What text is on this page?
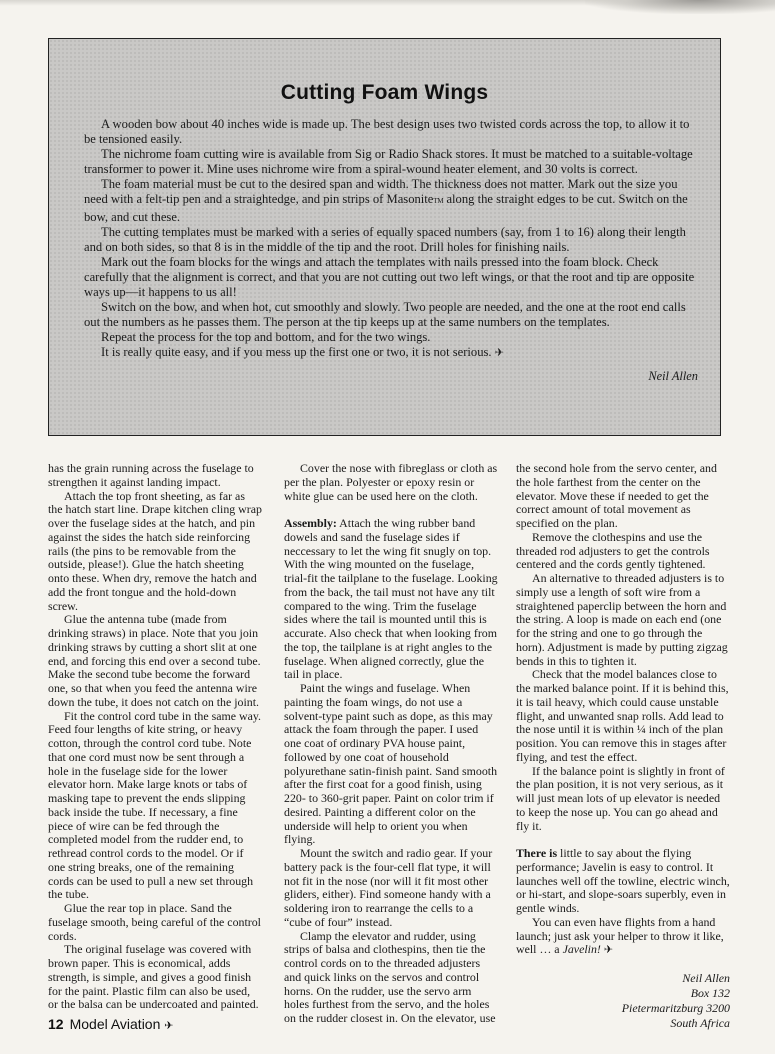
Cutting Foam Wings

A wooden bow about 40 inches wide is made up. The best design uses two twisted cords across the top, to allow it to be tensioned easily.

The nichrome foam cutting wire is available from Sig or Radio Shack stores. It must be matched to a suitable-voltage transformer to power it. Mine uses nichrome wire from a spiral-wound heater element, and 30 volts is correct.

The foam material must be cut to the desired span and width. The thickness does not matter. Mark out the size you need with a felt-tip pen and a straightedge, and pin strips of MasoniteTM along the straight edges to be cut. Switch on the bow, and cut these.

The cutting templates must be marked with a series of equally spaced numbers (say, from 1 to 16) along their length and on both sides, so that 8 is in the middle of the tip and the root. Drill holes for finishing nails.

Mark out the foam blocks for the wings and attach the templates with nails pressed into the foam block. Check carefully that the alignment is correct, and that you are not cutting out two left wings, or that the root and tip are opposite ways up—it happens to us all!

Switch on the bow, and when hot, cut smoothly and slowly. Two people are needed, and the one at the root end calls out the numbers as he passes them. The person at the tip keeps up at the same numbers on the templates.

Repeat the process for the top and bottom, and for the two wings.

It is really quite easy, and if you mess up the first one or two, it is not serious. ✈

Neil Allen

has the grain running across the fuselage to strengthen it against landing impact.

Attach the top front sheeting, as far as the hatch start line. Drape kitchen cling wrap over the fuselage sides at the hatch, and pin against the sides the hatch side reinforcing rails (the pins to be removable from the outside, please!). Glue the hatch sheeting onto these. When dry, remove the hatch and add the front tongue and the hold-down screw.

Glue the antenna tube (made from drinking straws) in place. Note that you join drinking straws by cutting a short slit at one end, and forcing this end over a second tube. Make the second tube become the forward one, so that when you feed the antenna wire down the tube, it does not catch on the joint.

Fit the control cord tube in the same way. Feed four lengths of kite string, or heavy cotton, through the control cord tube. Note that one cord must now be sent through a hole in the fuselage side for the lower elevator horn. Make large knots or tabs of masking tape to prevent the ends slipping back inside the tube. If necessary, a fine piece of wire can be fed through the completed model from the rudder end, to rethread control cords to the model. Or if one string breaks, one of the remaining cords can be used to pull a new set through the tube.

Glue the rear top in place. Sand the fuselage smooth, being careful of the control cords.

The original fuselage was covered with brown paper. This is economical, adds strength, is simple, and gives a good finish for the paint. Plastic film can also be used, or the balsa can be undercoated and painted.

Cover the nose with fibreglass or cloth as per the plan. Polyester or epoxy resin or white glue can be used here on the cloth.

Assembly: Attach the wing rubber band dowels and sand the fuselage sides if neccessary to let the wing fit snugly on top. With the wing mounted on the fuselage, trial-fit the tailplane to the fuselage. Looking from the back, the tail must not have any tilt compared to the wing. Trim the fuselage sides where the tail is mounted until this is accurate. Also check that when looking from the top, the tailplane is at right angles to the fuselage. When aligned correctly, glue the tail in place.

Paint the wings and fuselage. When painting the foam wings, do not use a solvent-type paint such as dope, as this may attack the foam through the paper. I used one coat of ordinary PVA house paint, followed by one coat of household polyurethane satin-finish paint. Sand smooth after the first coat for a good finish, using 220- to 360-grit paper. Paint on color trim if desired. Painting a different color on the underside will help to orient you when flying.

Mount the switch and radio gear. If your battery pack is the four-cell flat type, it will not fit in the nose (nor will it fit most other gliders, either). Find someone handy with a soldering iron to rearrange the cells to a “cube of four” instead.

Clamp the elevator and rudder, using strips of balsa and clothespins, then tie the control cords on to the threaded adjusters and quick links on the servos and control horns. On the rudder, use the servo arm holes furthest from the servo, and the holes on the rudder closest in. On the elevator, use

the second hole from the servo center, and the hole farthest from the center on the elevator. Move these if needed to get the correct amount of total movement as specified on the plan.

Remove the clothespins and use the threaded rod adjusters to get the controls centered and the cords gently tightened.

An alternative to threaded adjusters is to simply use a length of soft wire from a straightened paperclip between the horn and the string. A loop is made on each end (one for the string and one to go through the horn). Adjustment is made by putting zigzag bends in this to tighten it.

Check that the model balances close to the marked balance point. If it is behind this, it is tail heavy, which could cause unstable flight, and unwanted snap rolls. Add lead to the nose until it is within ¼ inch of the plan position. You can remove this in stages after flying, and test the effect.

If the balance point is slightly in front of the plan position, it is not very serious, as it will just mean lots of up elevator is needed to keep the nose up. You can go ahead and fly it.

There is little to say about the flying performance; Javelin is easy to control. It launches well off the towline, electric winch, or hi-start, and slope-soars superbly, even in gentle winds.

You can even have flights from a hand launch; just ask your helper to throw it like, well … a Javelin! ✈

Neil Allen
Box 132
Pietermaritzburg 3200
South Africa
12 Model Aviation ✈
